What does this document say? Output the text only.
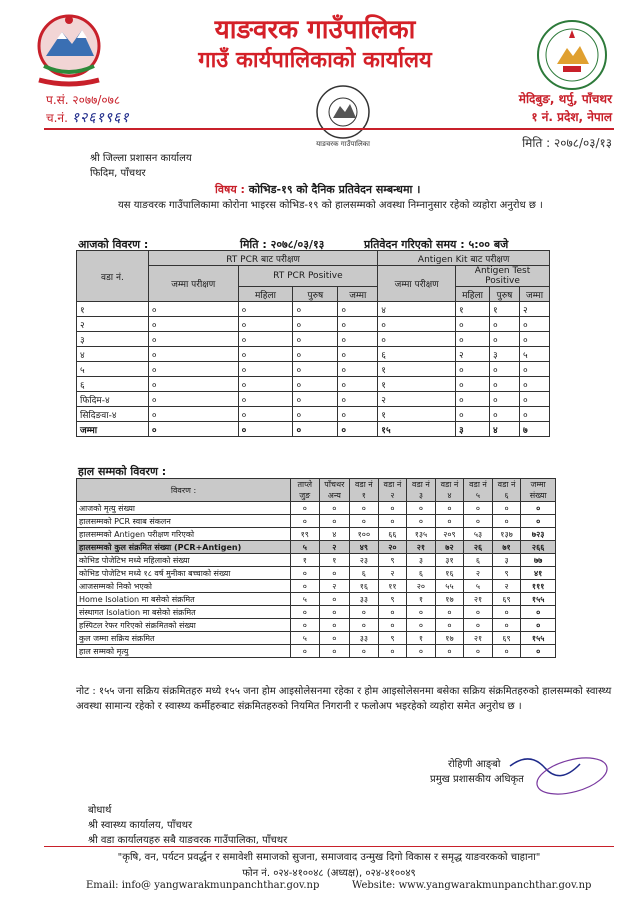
याङवरक गाउँपालिका
गाउँ कार्यपालिकाको कार्यालय
प.सं. २०७७/०७८
च.नं. १२६१९६१
मेदिबुङ, थर्पु, पाँचथर
१ नं. प्रदेश, नेपाल
याङवरक गाउँपालिका	मिति : २०७८/०३/१३
श्री जिल्ला प्रशासन कार्यालय
फिदिम, पाँचथर
विषय : कोभिड-१९ को दैनिक प्रतिवेदन सम्बन्धमा ।
यस याङवरक गाउँपालिकामा कोरोना भाइरस कोभिड-१९ को हालसम्मको अवस्था निम्नानुसार रहेको व्यहोरा अनुरोध छ ।
आजको विवरण :	मिति : २०७८/०३/१३	प्रतिवेदन गरिएको समय : ५:०० बजे
वडा नं.	RT PCR बाट परीक्षण				Antigen Kit बाट परीक्षण			
	जम्मा परीक्षण	RT PCR Positive			जम्मा परीक्षण	Antigen Test Positive		
		महिला	पुरुष	जम्मा		महिला	पुरुष	जम्मा
१	०	०	०	०	४	१	१	२
२	०	०	०	०	०	०	०	०
३	०	०	०	०	०	०	०	०
४	०	०	०	०	६	२	३	५
५	०	०	०	०	१	०	०	०
६	०	०	०	०	१	०	०	०
फिदिम-४	०	०	०	०	२	०	०	०
सिदिङवा-४	०	०	०	०	१	०	०	०
जम्मा	०	०	०	०	१५	३	४	७
हाल सम्मको विवरण :
विवरण :	ताप्ले जुङ	पाँचथर अन्य	वडा नं १	वडा नं २	वडा नं ३	वडा नं ४	वडा नं ५	वडा नं ६	जम्मा संख्या
आजको मृत्यु संख्या	०	०	०	०	०	०	०	०	०
हालसम्मको PCR स्वाब संकलन	०	०	०	०	०	०	०	०	०
हालसम्मको Antigen परीक्षण गरिएको	१९	४	१००	६६	१३५	२०९	५३	१३७	७२३
हालसम्मको कुल संक्रमित संख्या (PCR+Antigen)	५	२	४९	२०	२१	७२	२६	७१	२६६
कोभिड पोजेटिभ मध्ये महिलाको संख्या	१	१	२३	९	३	३१	६	३	७७
कोभिड पोजेटिभ मध्ये १८ वर्ष मुनीका बच्चाको संख्या	०	०	६	२	६	१६	२	९	४१
आजसम्मको निको भएको	०	२	१६	११	२०	५५	५	२	१११
Home Isolation मा बसेको संक्रमित	५	०	३३	९	१	१७	२१	६९	१५५
संस्थागत Isolation मा बसेको संक्रमित	०	०	०	०	०	०	०	०	०
हस्पिटल रेफर गरिएको संक्रमितको संख्या	०	०	०	०	०	०	०	०	०
कुल जम्मा सक्रिय संक्रमित	५	०	३३	९	१	१७	२१	६९	१५५
हाल सम्मको मृत्यु	०	०	०	०	०	०	०	०	०
नोट : १५५ जना सक्रिय संक्रमितहरु मध्ये १५५ जना होम आइसोलेसनमा रहेका र होम आइसोलेसनमा बसेका सक्रिय संक्रमितहरुको हालसम्मको स्वास्थ्य अवस्था सामान्य रहेको र स्वास्थ्य कर्मीहरुबाट संक्रमितहरुको नियमित निगरानी र फलोअप भइरहेको व्यहोरा समेत अनुरोध छ ।
रोहिणी आङ्बो
प्रमुख प्रशासकीय अधिकृत
बोधार्थ
श्री स्वास्थ्य कार्यालय, पाँचथर
श्री वडा कार्यालयहरु सबै याङवरक गाउँपालिका, पाँचथर
"कृषि, वन, पर्यटन प्रवर्द्धन र समावेशी समाजको सुजना, समाजवाद उन्मुख दिगो विकास र समृद्ध याङवरकको चाहाना"
फोन नं. ०२४-४१००४८ (अध्यक्ष), ०२४-४१००४९
Email: info@ yangwarakmunpanchthar.gov.np	Website: www.yangwarakmunpanchthar.gov.np
